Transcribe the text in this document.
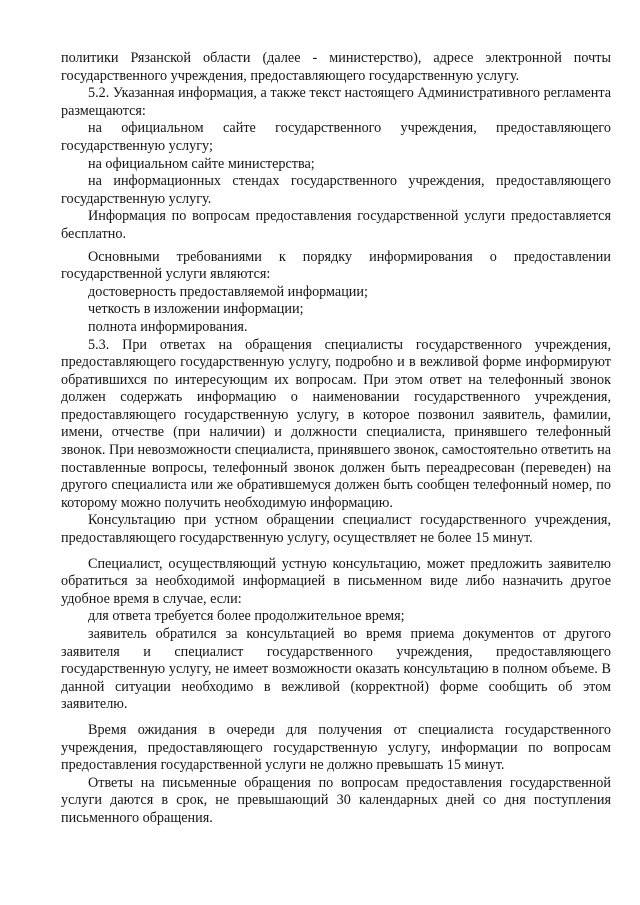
политики Рязанской области (далее - министерство), адресе электронной почты государственного учреждения, предоставляющего государственную услугу.

5.2. Указанная информация, а также текст настоящего Административного регламента размещаются:

на официальном сайте государственного учреждения, предоставляющего государственную услугу;

на официальном сайте министерства;

на информационных стендах государственного учреждения, предоставляющего государственную услугу.

Информация по вопросам предоставления государственной услуги предоставляется бесплатно.

Основными требованиями к порядку информирования о предоставлении государственной услуги являются:

достоверность предоставляемой информации;

четкость в изложении информации;

полнота информирования.

5.3. При ответах на обращения специалисты государственного учреждения, предоставляющего государственную услугу, подробно и в вежливой форме информируют обратившихся по интересующим их вопросам. При этом ответ на телефонный звонок должен содержать информацию о наименовании государственного учреждения, предоставляющего государственную услугу, в которое позвонил заявитель, фамилии, имени, отчестве (при наличии) и должности специалиста, принявшего телефонный звонок. При невозможности специалиста, принявшего звонок, самостоятельно ответить на поставленные вопросы, телефонный звонок должен быть переадресован (переведен) на другого специалиста или же обратившемуся должен быть сообщен телефонный номер, по которому можно получить необходимую информацию.

Консультацию при устном обращении специалист государственного учреждения, предоставляющего государственную услугу, осуществляет не более 15 минут.

Специалист, осуществляющий устную консультацию, может предложить заявителю обратиться за необходимой информацией в письменном виде либо назначить другое удобное время в случае, если:

для ответа требуется более продолжительное время;

заявитель обратился за консультацией во время приема документов от другого заявителя и специалист государственного учреждения, предоставляющего государственную услугу, не имеет возможности оказать консультацию в полном объеме. В данной ситуации необходимо в вежливой (корректной) форме сообщить об этом заявителю.

Время ожидания в очереди для получения от специалиста государственного учреждения, предоставляющего государственную услугу, информации по вопросам предоставления государственной услуги не должно превышать 15 минут.

Ответы на письменные обращения по вопросам предоставления государственной услуги даются в срок, не превышающий 30 календарных дней со дня поступления письменного обращения.
